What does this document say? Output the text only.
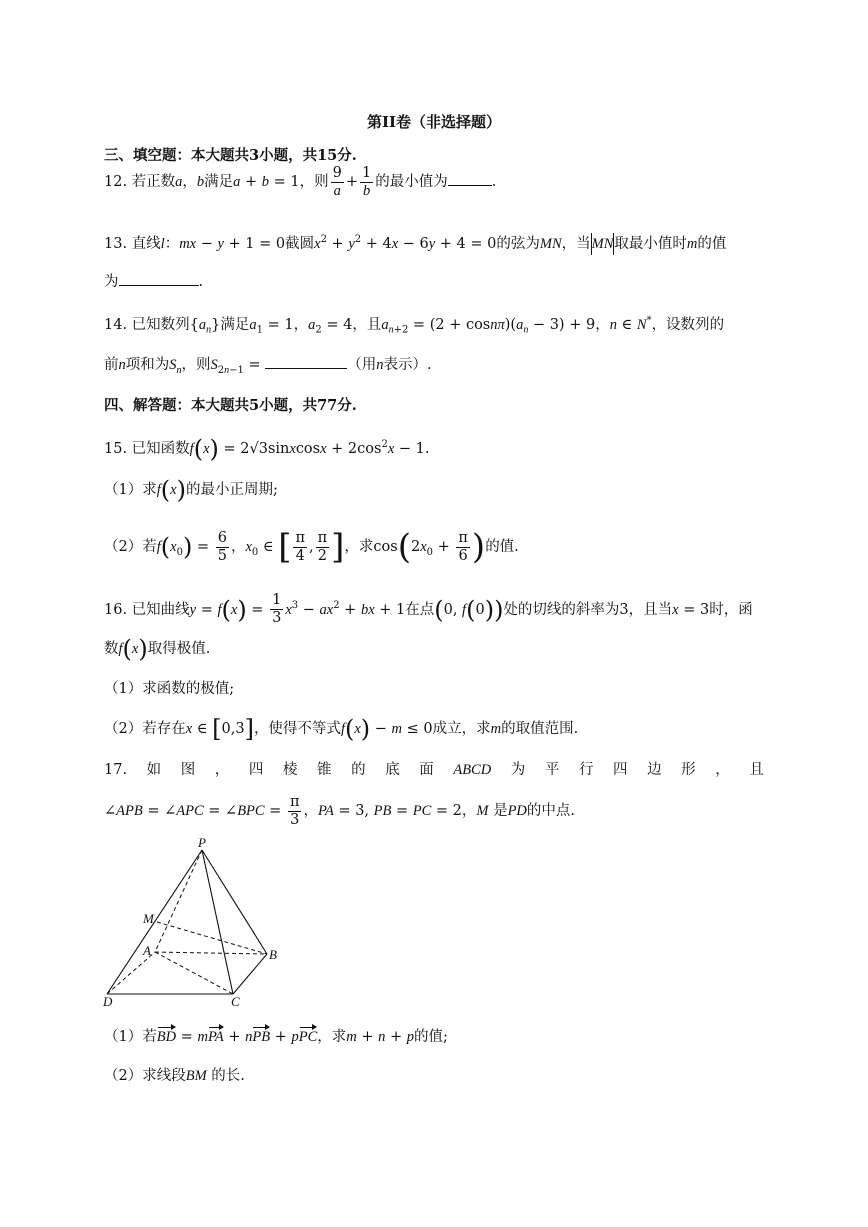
第II卷（非选择题）
三、填空题：本大题共3小题，共15分.
12. 若正数a，b满足a + b = 1，则 $\frac{9}{a} + \frac{1}{b}$ 的最小值为	.
13. 直线l：mx − y + 1 = 0截圆$x^2 + y^2 + 4x - 6y + 4 = 0$的弦为MN，当MN取最小值时m的值
为	.
14. 已知数列$\{a_n\}$满足$a_1 = 1$，$a_2 = 4$，且$a_{n+2} = (2 + \cos n\pi)(a_n - 3) + 9$，n ∈ N*，设数列的
前n项和为$S_n$，则$S_{2n-1}$ =	（用n表示）.
四、解答题：本大题共5小题，共77分.
15. 已知函数f(x) = 2√3sinxcosx + $2\cos^2x - 1$.
（1）求f(x)的最小正周期;
（2）若$f(x_0) = \frac{6}{5}$ ，$x_0$ ∈ [ $\frac{\pi}{4}$ , $\frac{\pi}{2}$ ]，求$\cos(2x_0 + \frac{\pi}{6}$ )的值.
16. 已知曲线$y = f(x) = \frac{1}{3} x^3 - ax^2$ + bx + 1在点(0, f(0))处的切线的斜率为3，且当x = 3时，函
数f(x)取得极值.
（1）求函数的极值;
（2）若存在x ∈ [0,3]，使得不等式f(x) − m ≤ 0成立，求m的取值范围.
17. 如 图 ， 四 棱 锥 的 底 面 ABCD 为 平 行 四 边 形 ， 且
∠APB = ∠APC = ∠BPC = $\frac{\pi}{3}$ ，PA = 3, PB = PC = 2，M 是PD的中点.
P
M
A	B
D	C
（1）若BD = mPA + nPB + pPC，求m + n + p的值;
（2）求线段BM 的长.
